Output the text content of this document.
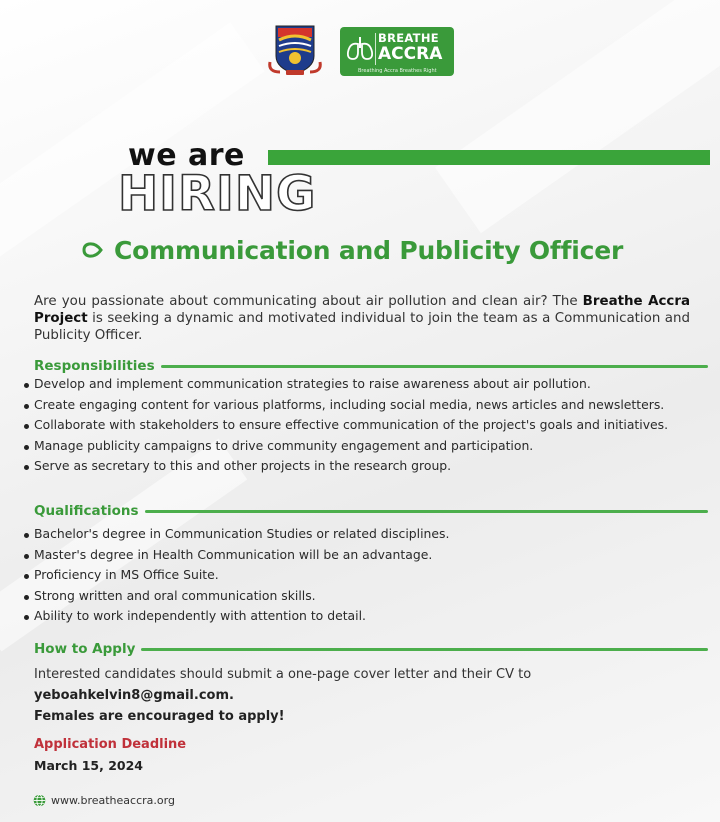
BREATHE
ACCRA
Breathing Accra Breathes Right
we are
HIRING
Communication and Publicity Officer
Are you passionate about communicating about air pollution and clean air? The Breathe Accra Project is seeking a dynamic and motivated individual to join the team as a Communication and Publicity Officer.
Responsibilities
Develop and implement communication strategies to raise awareness about air pollution.
Create engaging content for various platforms, including social media, news articles and newsletters.
Collaborate with stakeholders to ensure effective communication of the project's goals and initiatives.
Manage publicity campaigns to drive community engagement and participation.
Serve as secretary to this and other projects in the research group.
Qualifications
Bachelor's degree in Communication Studies or related disciplines.
Master's degree in Health Communication will be an advantage.
Proficiency in MS Office Suite.
Strong written and oral communication skills.
Ability to work independently with attention to detail.
How to Apply
Interested candidates should submit a one-page cover letter and their CV to
yeboahkelvin8@gmail.com.
Females are encouraged to apply!
Application Deadline
March 15, 2024
www.breatheaccra.org
